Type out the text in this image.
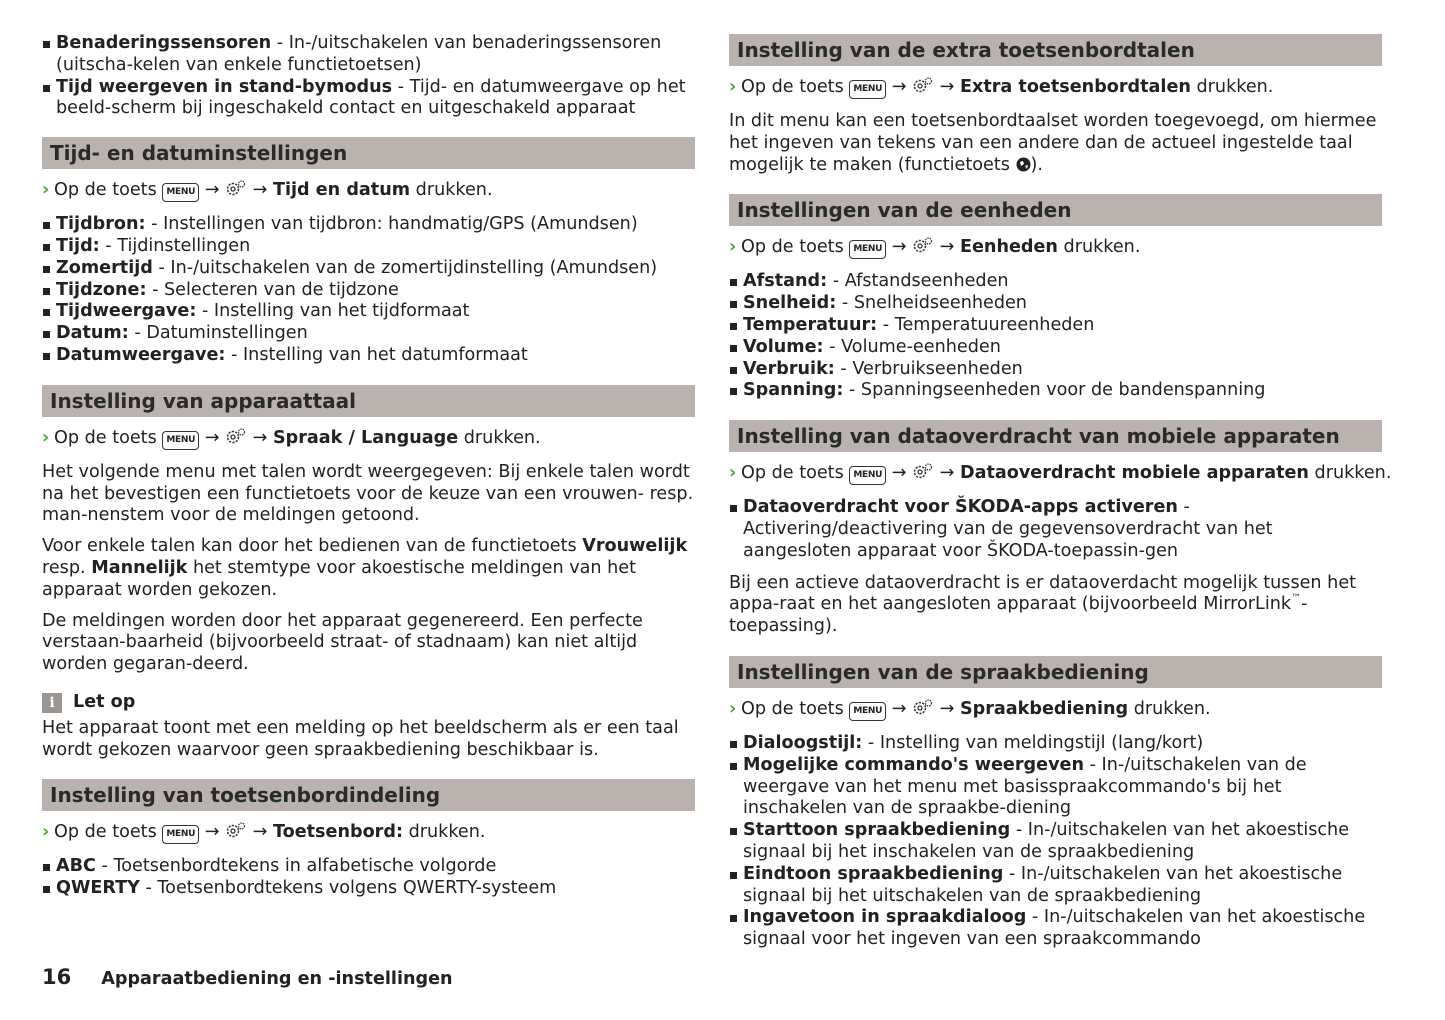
Benaderingssensoren - In-/uitschakelen van benaderingssensoren (uitscha-kelen van enkele functietoetsen)
Tijd weergeven in stand-bymodus - Tijd- en datumweergave op het beeld-scherm bij ingeschakeld contact en uitgeschakeld apparaat
Tijd- en datuminstellingen
› Op de toets MENU → → Tijd en datum drukken.
Tijdbron: - Instellingen van tijdbron: handmatig/GPS (Amundsen)
Tijd: - Tijdinstellingen
Zomertijd - In-/uitschakelen van de zomertijdinstelling (Amundsen)
Tijdzone: - Selecteren van de tijdzone
Tijdweergave: - Instelling van het tijdformaat
Datum: - Datuminstellingen
Datumweergave: - Instelling van het datumformaat
Instelling van apparaattaal
› Op de toets MENU → → Spraak / Language drukken.

Het volgende menu met talen wordt weergegeven: Bij enkele talen wordt na het bevestigen een functietoets voor de keuze van een vrouwen- resp. man-nenstem voor de meldingen getoond.

Voor enkele talen kan door het bedienen van de functietoets Vrouwelijk resp. Mannelijk het stemtype voor akoestische meldingen van het apparaat worden gekozen.

De meldingen worden door het apparaat gegenereerd. Een perfecte verstaan-baarheid (bijvoorbeeld straat- of stadnaam) kan niet altijd worden gegaran-deerd.

i	Let op

Het apparaat toont met een melding op het beeldscherm als er een taal wordt gekozen waarvoor geen spraakbediening beschikbaar is.

Instelling van toetsenbordindeling
› Op de toets MENU → → Toetsenbord: drukken.
ABC - Toetsenbordtekens in alfabetische volgorde
QWERTY - Toetsenbordtekens volgens QWERTY-systeem
Instelling van de extra toetsenbordtalen
› Op de toets MENU → → Extra toetsenbordtalen drukken.

In dit menu kan een toetsenbordtaalset worden toegevoegd, om hiermee het ingeven van tekens van een andere dan de actueel ingestelde taal mogelijk te maken (functietoets ).

Instellingen van de eenheden
› Op de toets MENU → → Eenheden drukken.
Afstand: - Afstandseenheden
Snelheid: - Snelheidseenheden
Temperatuur: - Temperatuureenheden
Volume: - Volume-eenheden
Verbruik: - Verbruikseenheden
Spanning: - Spanningseenheden voor de bandenspanning
Instelling van dataoverdracht van mobiele apparaten
› Op de toets MENU → → Dataoverdracht mobiele apparaten drukken.
Dataoverdracht voor ŠKODA-apps activeren - Activering/deactivering van de gegevensoverdracht van het aangesloten apparaat voor ŠKODA-toepassin-gen

Bij een actieve dataoverdracht is er dataoverdacht mogelijk tussen het appa-raat en het aangesloten apparaat (bijvoorbeeld MirrorLink™-toepassing).

Instellingen van de spraakbediening
› Op de toets MENU → → Spraakbediening drukken.
Dialoogstijl: - Instelling van meldingstijl (lang/kort)
Mogelijke commando's weergeven - In-/uitschakelen van de weergave van het menu met basisspraakcommando's bij het inschakelen van de spraakbe-diening
Starttoon spraakbediening - In-/uitschakelen van het akoestische signaal bij het inschakelen van de spraakbediening
Eindtoon spraakbediening - In-/uitschakelen van het akoestische signaal bij het uitschakelen van de spraakbediening
Ingavetoon in spraakdialoog - In-/uitschakelen van het akoestische signaal voor het ingeven van een spraakcommando
16 Apparaatbediening en -instellingen
